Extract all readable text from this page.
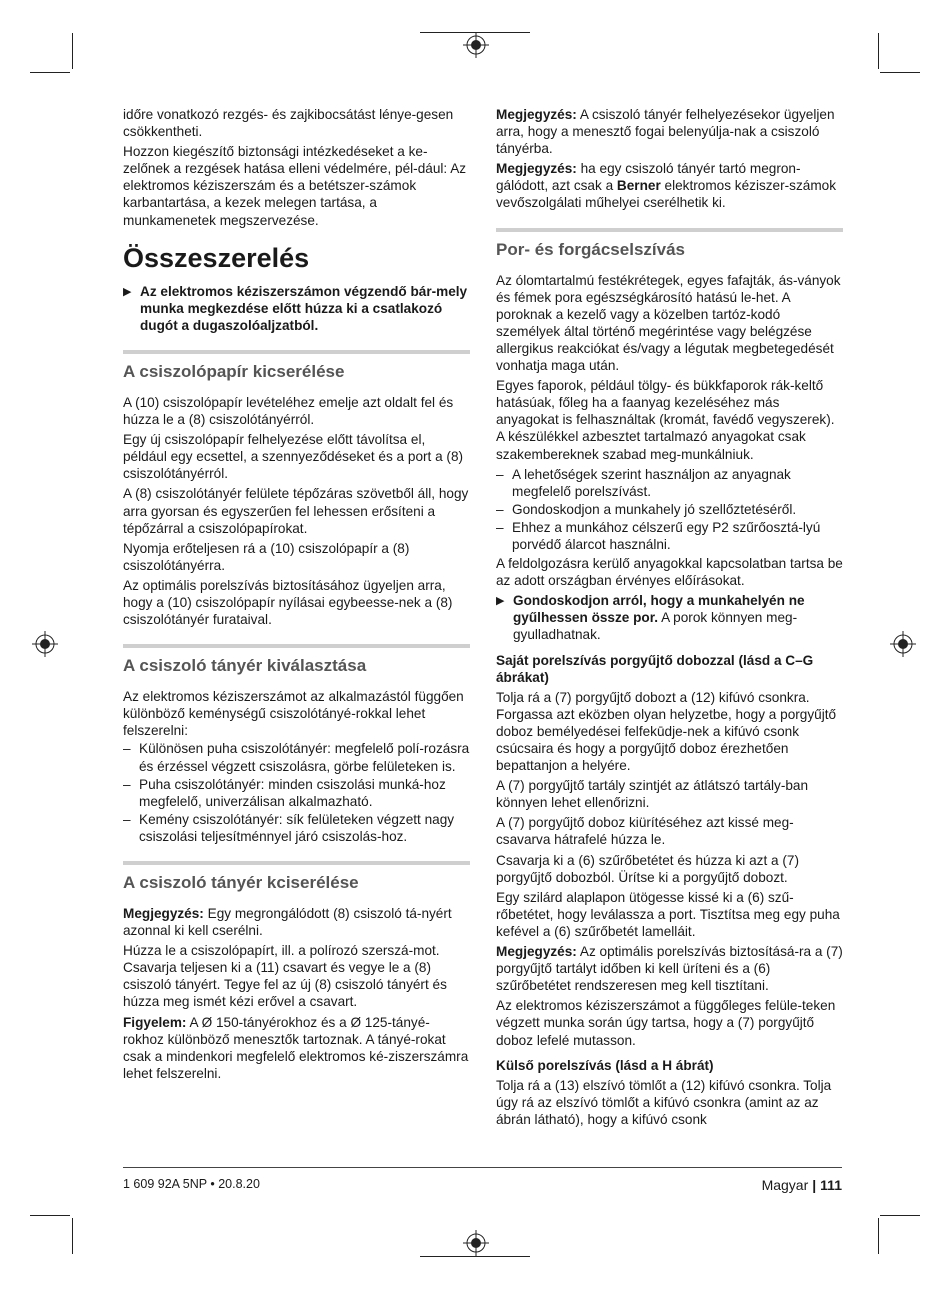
időre vonatkozó rezgés- és zajkibocsátást lénye-gesen csökkentheti.

Hozzon kiegészítő biztonsági intézkedéseket a ke-zelőnek a rezgések hatása elleni védelmére, pél-dául: Az elektromos kéziszerszám és a betétszer-számok karbantartása, a kezek melegen tartása, a munkamenetek megszervezése.

Összeszerelés
▶ Az elektromos kéziszerszámon végzendő bár-mely munka megkezdése előtt húzza ki a csatlakozó dugót a dugaszolóaljzatból.
A csiszolópapír kicserélése

A (10) csiszolópapír levételéhez emelje azt oldalt fel és húzza le a (8) csiszolótányérról.

Egy új csiszolópapír felhelyezése előtt távolítsa el, például egy ecsettel, a szennyeződéseket és a port a (8) csiszolótányérról.

A (8) csiszolótányér felülete tépőzáras szövetből áll, hogy arra gyorsan és egyszerűen fel lehessen erősíteni a tépőzárral a csiszolópapírokat.

Nyomja erőteljesen rá a (10) csiszolópapír a (8) csiszolótányérra.

Az optimális porelszívás biztosításához ügyeljen arra, hogy a (10) csiszolópapír nyílásai egybeesse-nek a (8) csiszolótányér furataival.

A csiszoló tányér kiválasztása

Az elektromos kéziszerszámot az alkalmazástól függően különböző keménységű csiszolótányé-rokkal lehet felszerelni:

– Különösen puha csiszolótányér: megfelelő polí-rozásra és érzéssel végzett csiszolásra, görbe felületeken is.
– Puha csiszolótányér: minden csiszolási munká-hoz megfelelő, univerzálisan alkalmazható.
– Kemény csiszolótányér: sík felületeken végzett nagy csiszolási teljesítménnyel járó csiszolás-hoz.
A csiszoló tányér kciserélése

Megjegyzés: Egy megrongálódott (8) csiszoló tá-nyért azonnal ki kell cserélni.

Húzza le a csiszolópapírt, ill. a polírozó szerszá-mot. Csavarja teljesen ki a (11) csavart és vegye le a (8) csiszoló tányért. Tegye fel az új (8) csiszoló tányért és húzza meg ismét kézi erővel a csavart.

Figyelem: A Ø 150-tányérokhoz és a Ø 125-tányé-rokhoz különböző menesztők tartoznak. A tányé-rokat csak a mindenkori megfelelő elektromos ké-ziszerszámra lehet felszerelni.

Megjegyzés: A csiszoló tányér felhelyezésekor ügyeljen arra, hogy a menesztő fogai belenyúlja-nak a csiszoló tányérba.

Megjegyzés: ha egy csiszoló tányér tartó megron-gálódott, azt csak a Berner elektromos kéziszer-számok vevőszolgálati műhelyei cserélhetik ki.

Por- és forgácselszívás

Az ólomtartalmú festékrétegek, egyes fafajták, ás-ványok és fémek pora egészségkárosító hatású le-het. A poroknak a kezelő vagy a közelben tartóz-kodó személyek által történő megérintése vagy belégzése allergikus reakciókat és/vagy a légutak megbetegedését vonhatja maga után.

Egyes faporok, például tölgy- és bükkfaporok rák-keltő hatásúak, főleg ha a faanyag kezeléséhez más anyagokat is felhasználtak (kromát, favédő vegyszerek). A készülékkel azbesztet tartalmazó anyagokat csak szakembereknek szabad meg-munkálniuk.

– A lehetőségek szerint használjon az anyagnak megfelelő porelszívást.
– Gondoskodjon a munkahely jó szellőztetéséről.
– Ehhez a munkához célszerű egy P2 szűrőosztá-lyú porvédő álarcot használni.

A feldolgozásra kerülő anyagokkal kapcsolatban tartsa be az adott országban érvényes előírásokat.

▶ Gondoskodjon arról, hogy a munkahelyén ne gyűlhessen össze por. A porok könnyen meg-gyulladhatnak.

Saját porelszívás porgyűjtő dobozzal (lásd a C–G ábrákat)

Tolja rá a (7) porgyűjtő dobozt a (12) kifúvó csonkra. Forgassa azt eközben olyan helyzetbe, hogy a porgyűjtő doboz bemélyedései felfekūdje-nek a kifúvó csonk csúcsaira és hogy a porgyűjtő doboz érezhetően bepattanjon a helyére.

A (7) porgyűjtő tartály szintjét az átlátszó tartály-ban könnyen lehet ellenőrizni.

A (7) porgyűjtő doboz kiürítéséhez azt kissé meg-csavarva hátrafelé húzza le.

Csavarja ki a (6) szűrőbetétet és húzza ki azt a (7) porgyűjtő dobozból. Ürítse ki a porgyűjtő dobozt.

Egy szilárd alaplapon ütögesse kissé ki a (6) szű-rőbetétet, hogy leválassza a port. Tisztítsa meg egy puha kefével a (6) szűrőbetét lamelláit.

Megjegyzés: Az optimális porelszívás biztosításá-ra a (7) porgyűjtő tartályt időben ki kell üríteni és a (6) szűrőbetétet rendszeresen meg kell tisztítani.

Az elektromos kéziszerszámot a függőleges felüle-teken végzett munka során úgy tartsa, hogy a (7) porgyűjtő doboz lefelé mutasson.

Külső porelszívás (lásd a H ábrát)

Tolja rá a (13) elszívó tömlőt a (12) kifúvó csonkra. Tolja úgy rá az elszívó tömlőt a kifúvó csonkra (amint az az ábrán látható), hogy a kifúvó csonk

1 609 92A 5NP • 20.8.20	Magyar | 111
